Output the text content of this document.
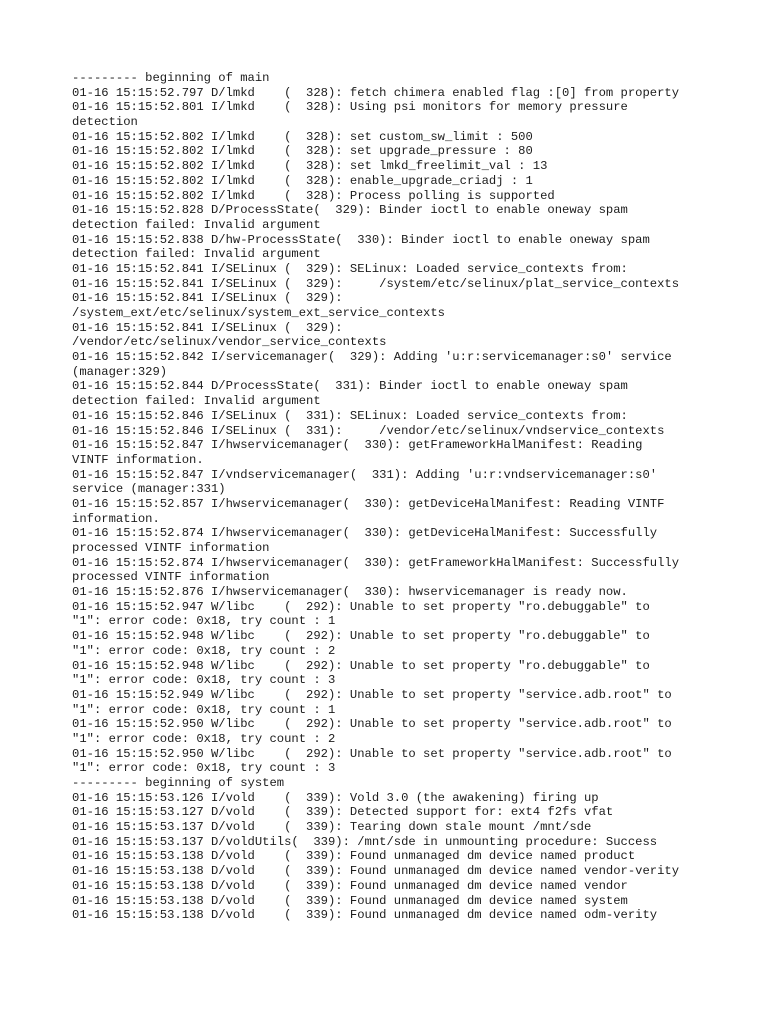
--------- beginning of main
01-16 15:15:52.797 D/lmkd    (  328): fetch chimera enabled flag :[0] from property
01-16 15:15:52.801 I/lmkd    (  328): Using psi monitors for memory pressure
detection
01-16 15:15:52.802 I/lmkd    (  328): set custom_sw_limit : 500
01-16 15:15:52.802 I/lmkd    (  328): set upgrade_pressure : 80
01-16 15:15:52.802 I/lmkd    (  328): set lmkd_freelimit_val : 13
01-16 15:15:52.802 I/lmkd    (  328): enable_upgrade_criadj : 1
01-16 15:15:52.802 I/lmkd    (  328): Process polling is supported
01-16 15:15:52.828 D/ProcessState(  329): Binder ioctl to enable oneway spam
detection failed: Invalid argument
01-16 15:15:52.838 D/hw-ProcessState(  330): Binder ioctl to enable oneway spam
detection failed: Invalid argument
01-16 15:15:52.841 I/SELinux (  329): SELinux: Loaded service_contexts from:
01-16 15:15:52.841 I/SELinux (  329):     /system/etc/selinux/plat_service_contexts
01-16 15:15:52.841 I/SELinux (  329):
/system_ext/etc/selinux/system_ext_service_contexts
01-16 15:15:52.841 I/SELinux (  329):
/vendor/etc/selinux/vendor_service_contexts
01-16 15:15:52.842 I/servicemanager(  329): Adding 'u:r:servicemanager:s0' service
(manager:329)
01-16 15:15:52.844 D/ProcessState(  331): Binder ioctl to enable oneway spam
detection failed: Invalid argument
01-16 15:15:52.846 I/SELinux (  331): SELinux: Loaded service_contexts from:
01-16 15:15:52.846 I/SELinux (  331):     /vendor/etc/selinux/vndservice_contexts
01-16 15:15:52.847 I/hwservicemanager(  330): getFrameworkHalManifest: Reading
VINTF information.
01-16 15:15:52.847 I/vndservicemanager(  331): Adding 'u:r:vndservicemanager:s0'
service (manager:331)
01-16 15:15:52.857 I/hwservicemanager(  330): getDeviceHalManifest: Reading VINTF
information.
01-16 15:15:52.874 I/hwservicemanager(  330): getDeviceHalManifest: Successfully
processed VINTF information
01-16 15:15:52.874 I/hwservicemanager(  330): getFrameworkHalManifest: Successfully
processed VINTF information
01-16 15:15:52.876 I/hwservicemanager(  330): hwservicemanager is ready now.
01-16 15:15:52.947 W/libc    (  292): Unable to set property "ro.debuggable" to
"1": error code: 0x18, try count : 1
01-16 15:15:52.948 W/libc    (  292): Unable to set property "ro.debuggable" to
"1": error code: 0x18, try count : 2
01-16 15:15:52.948 W/libc    (  292): Unable to set property "ro.debuggable" to
"1": error code: 0x18, try count : 3
01-16 15:15:52.949 W/libc    (  292): Unable to set property "service.adb.root" to
"1": error code: 0x18, try count : 1
01-16 15:15:52.950 W/libc    (  292): Unable to set property "service.adb.root" to
"1": error code: 0x18, try count : 2
01-16 15:15:52.950 W/libc    (  292): Unable to set property "service.adb.root" to
"1": error code: 0x18, try count : 3
--------- beginning of system
01-16 15:15:53.126 I/vold    (  339): Vold 3.0 (the awakening) firing up
01-16 15:15:53.127 D/vold    (  339): Detected support for: ext4 f2fs vfat
01-16 15:15:53.137 D/vold    (  339): Tearing down stale mount /mnt/sde
01-16 15:15:53.137 D/voldUtils(  339): /mnt/sde in unmounting procedure: Success
01-16 15:15:53.138 D/vold    (  339): Found unmanaged dm device named product
01-16 15:15:53.138 D/vold    (  339): Found unmanaged dm device named vendor-verity
01-16 15:15:53.138 D/vold    (  339): Found unmanaged dm device named vendor
01-16 15:15:53.138 D/vold    (  339): Found unmanaged dm device named system
01-16 15:15:53.138 D/vold    (  339): Found unmanaged dm device named odm-verity
